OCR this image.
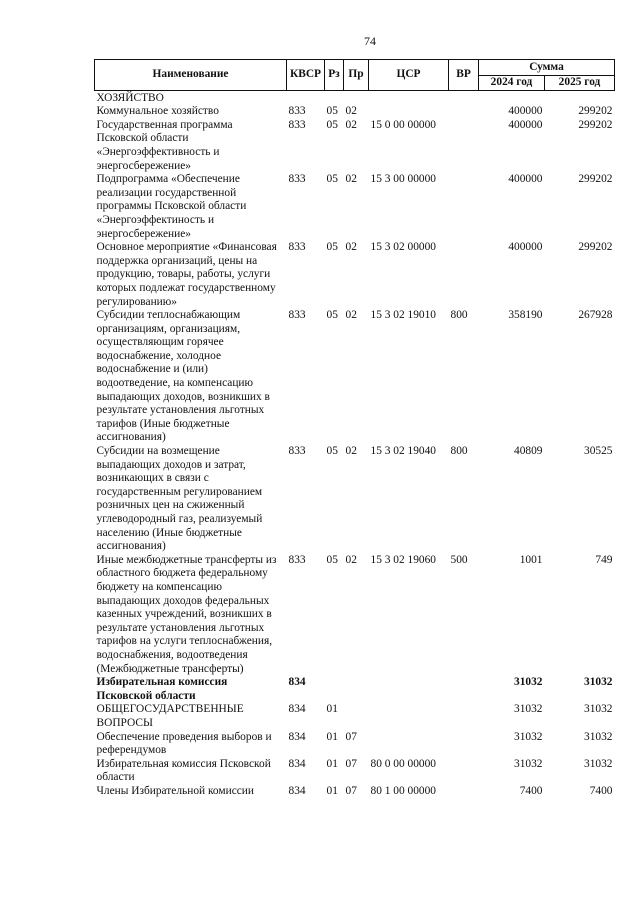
74
Наименование	КВСР	Рз	Пр	ЦСР	ВР	Сумма	
						2024 год	2025 год
ХОЗЯЙСТВО							
Коммунальное хозяйство	833	05	02			400000	299202
Государственная программа Псковской области «Энергоэффективность и энергосбережение»	833	05	02	15 0 00 00000		400000	299202
Подпрограмма «Обеспечение реализации государственной программы Псковской области «Энергоэффектиность и энергосбережение»	833	05	02	15 3 00 00000		400000	299202
Основное мероприятие «Финансовая поддержка организаций, цены на продукцию, товары, работы, услуги которых подлежат государственному регулированию»	833	05	02	15 3 02 00000		400000	299202
Субсидии теплоснабжающим организациям, организациям, осуществляющим горячее водоснабжение, холодное водоснабжение и (или) водоотведение, на компенсацию выпадающих доходов, возникших в результате установления льготных тарифов (Иные бюджетные ассигнования)	833	05	02	15 3 02 19010	800	358190	267928
Субсидии на возмещение выпадающих доходов и затрат, возникающих в связи с государственным регулированием розничных цен на сжиженный углеводородный газ, реализуемый населению (Иные бюджетные ассигнования)	833	05	02	15 3 02 19040	800	40809	30525
Иные межбюджетные трансферты из областного бюджета федеральному бюджету на компенсацию выпадающих доходов федеральных казенных учреждений, возникших в результате установления льготных тарифов на услуги теплоснабжения, водоснабжения, водоотведения (Межбюджетные трансферты)	833	05	02	15 3 02 19060	500	1001	749
Избирательная комиссия Псковской области	834					31032	31032
ОБЩЕГОСУДАРСТВЕННЫЕ ВОПРОСЫ	834	01				31032	31032
Обеспечение проведения выборов и референдумов	834	01	07			31032	31032
Избирательная комиссия Псковской области	834	01	07	80 0 00 00000		31032	31032
Члены Избирательной комиссии	834	01	07	80 1 00 00000		7400	7400
